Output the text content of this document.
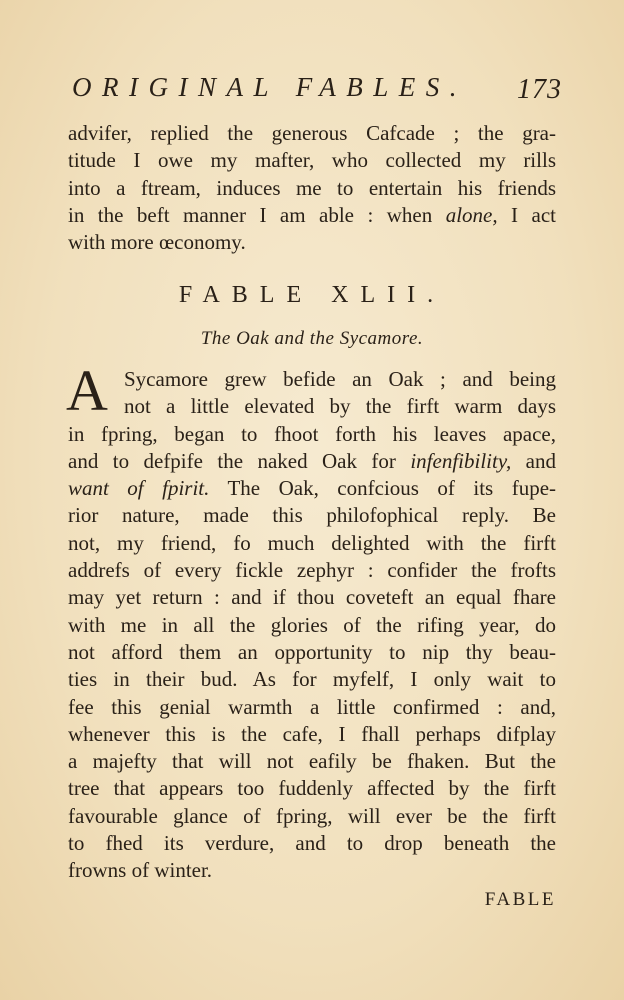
ORIGINAL FABLES. 173
advifer, replied the generous Cafcade ; the gra-
titude I owe my mafter, who collected my rills
into a ftream, induces me to entertain his friends
in the beft manner I am able : when alone, I act
with more œconomy.
FABLE XLII.
The Oak and the Sycamore.
A Sycamore grew befide an Oak ; and being
not a little elevated by the firft warm days
in fpring, began to fhoot forth his leaves apace,
and to defpife the naked Oak for infenfibility, and
want of fpirit. The Oak, confcious of its fupe-
rior nature, made this philofophical reply. Be
not, my friend, fo much delighted with the firft
addrefs of every fickle zephyr : confider the frofts
may yet return : and if thou coveteft an equal fhare
with me in all the glories of the rifing year, do
not afford them an opportunity to nip thy beau-
ties in their bud. As for myfelf, I only wait to
fee this genial warmth a little confirmed : and,
whenever this is the cafe, I fhall perhaps difplay
a majefty that will not eafily be fhaken. But the
tree that appears too fuddenly affected by the firft
favourable glance of fpring, will ever be the firft
to fhed its verdure, and to drop beneath the
frowns of winter.
FABLE
